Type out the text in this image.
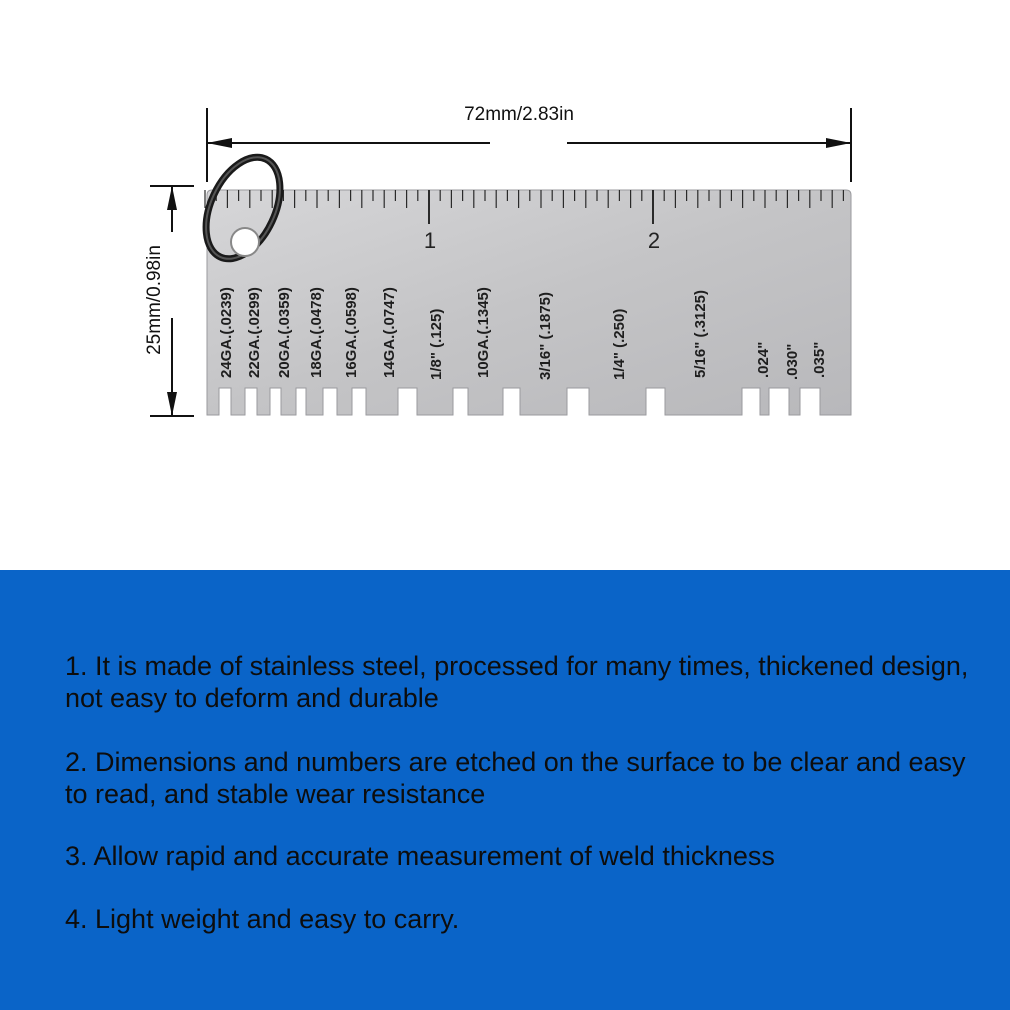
72mm/2.83in
25mm/0.98in
1	2
24GA.(.0239) 22GA.(.0299) 20GA.(.0359) 18GA.(.0478) 16GA.(.0598) 14GA.(.0747) 1/8" (.125) 10GA.(.1345)	3/16" (.1875)	1/4" (.250)	5/16" (.3125)	.024" .030" .035"
1. It is made of stainless steel, processed for many times, thickened design, not easy to deform and durable
2. Dimensions and numbers are etched on the surface to be clear and easy to read, and stable wear resistance
3. Allow rapid and accurate measurement of weld thickness
4. Light weight and easy to carry.
